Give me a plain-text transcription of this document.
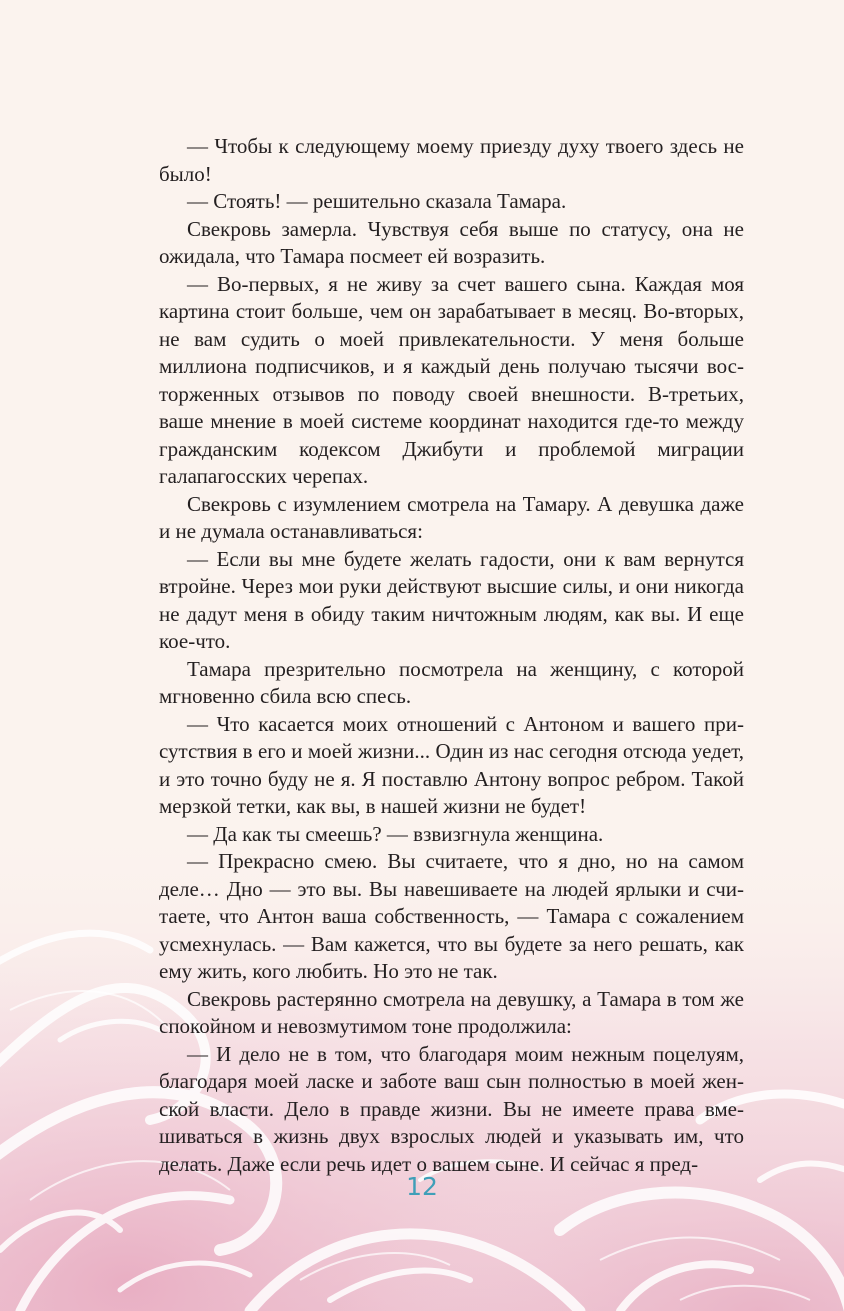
— Чтобы к следующему моему приезду духу твоего здесь не было!

— Стоять! — решительно сказала Тамара.

Свекровь замерла. Чувствуя себя выше по статусу, она не ожидала, что Тамара посмеет ей возразить.

— Во-первых, я не живу за счет вашего сына. Каждая моя картина стоит больше, чем он зарабатывает в месяц. Во-вторых, не вам судить о моей привлекательности. У меня больше миллиона подписчиков, и я каждый день получаю тысячи восторженных отзывов по поводу своей внешности. В-третьих, ваше мнение в моей системе координат находится где-то между гражданским кодексом Джибути и проблемой миграции галапагосских черепах.

Свекровь с изумлением смотрела на Тамару. А девушка даже и не думала останавливаться:

— Если вы мне будете желать гадости, они к вам вернутся втройне. Через мои руки действуют высшие силы, и они никогда не дадут меня в обиду таким ничтожным людям, как вы. И еще кое-что.

Тамара презрительно посмотрела на женщину, с которой мгновенно сбила всю спесь.

— Что касается моих отношений с Антоном и вашего присутствия в его и моей жизни... Один из нас сегодня отсюда уедет, и это точно буду не я. Я поставлю Антону вопрос ребром. Такой мерзкой тетки, как вы, в нашей жизни не будет!

— Да как ты смеешь? — взвизгнула женщина.

— Прекрасно смею. Вы считаете, что я дно, но на самом деле… Дно — это вы. Вы навешиваете на людей ярлыки и считаете, что Антон ваша собственность, — Тамара с сожалением усмехнулась. — Вам кажется, что вы будете за него решать, как ему жить, кого любить. Но это не так.

Свекровь растерянно смотрела на девушку, а Тамара в том же спокойном и невозмутимом тоне продолжила:

— И дело не в том, что благодаря моим нежным поцелуям, благодаря моей ласке и заботе ваш сын полностью в моей женской власти. Дело в правде жизни. Вы не имеете права вмешиваться в жизнь двух взрослых людей и указывать им, что делать. Даже если речь идет о вашем сыне. И сейчас я пред-

12
